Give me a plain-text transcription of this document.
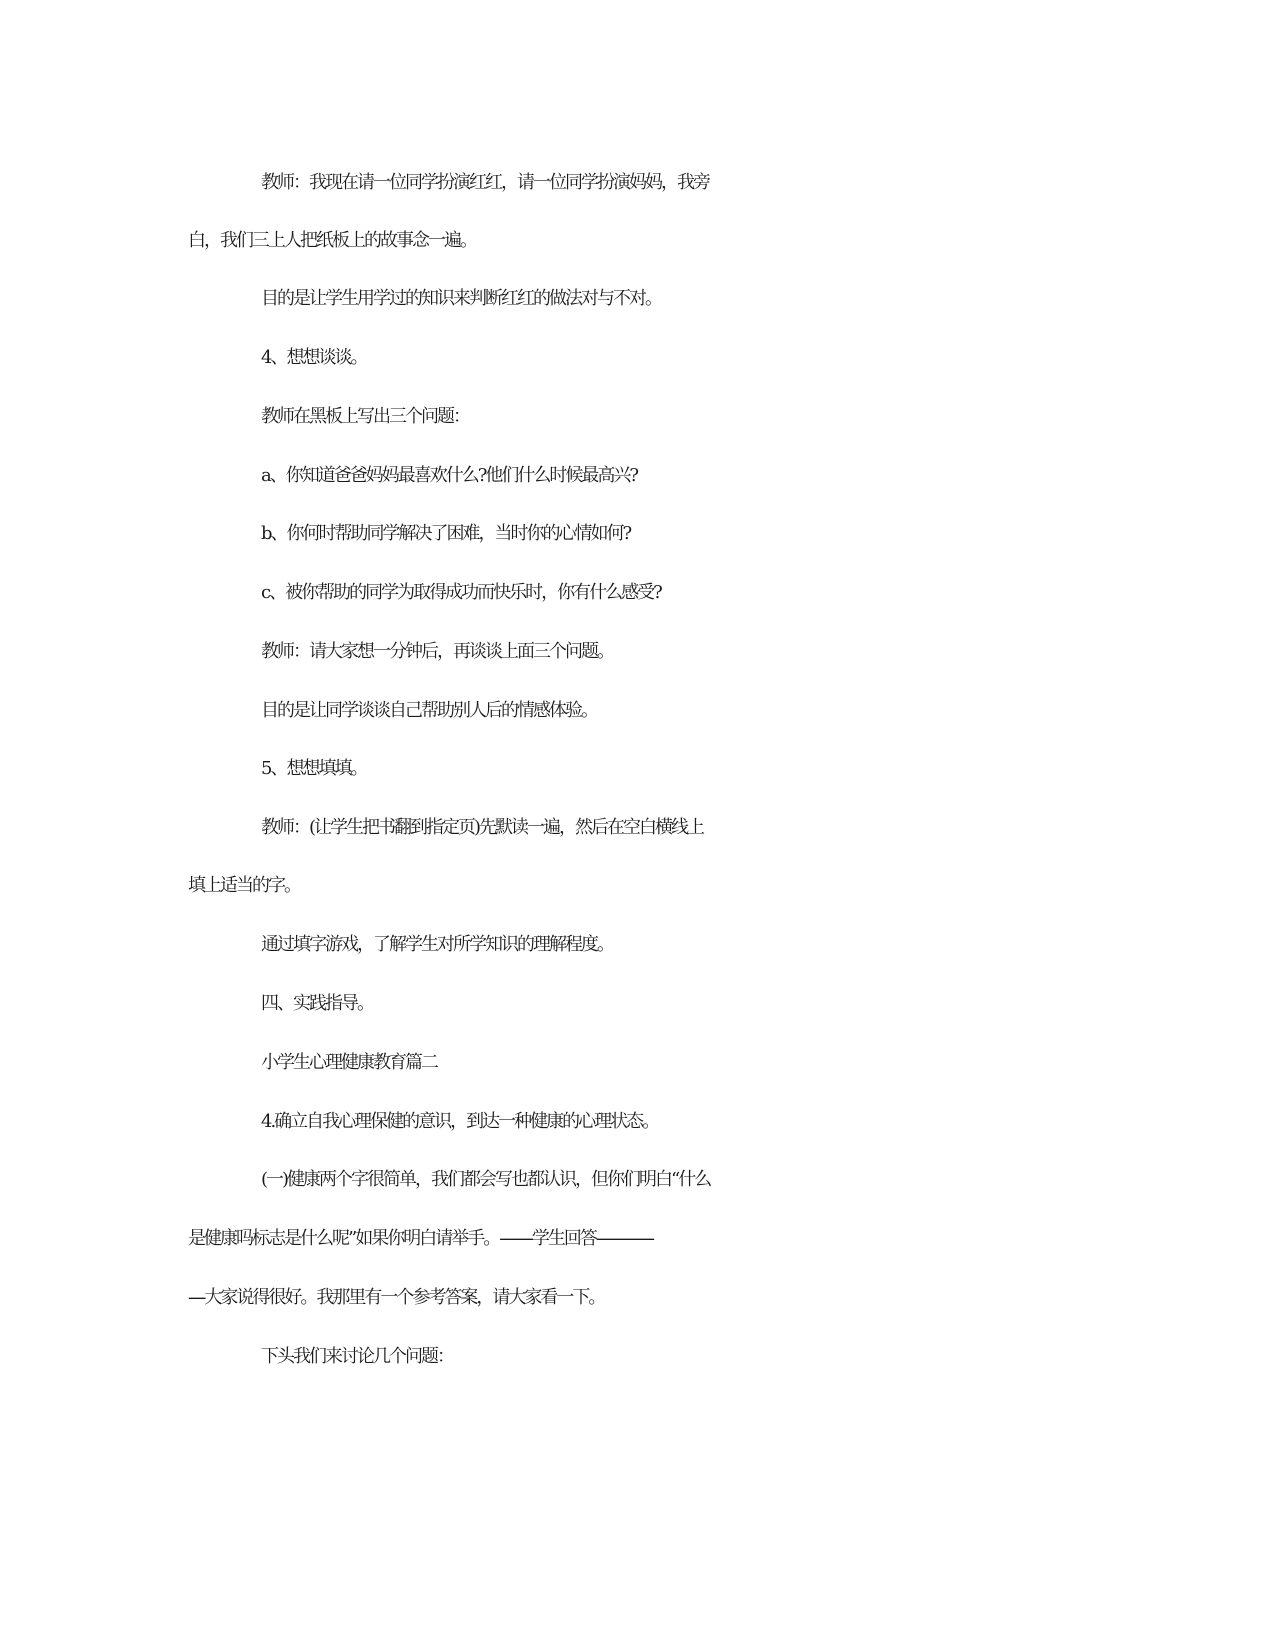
教师：我现在请一位同学扮演红红，请一位同学扮演妈妈，我旁
白，我们三上人把纸板上的故事念一遍。
目的是让学生用学过的知识来判断红红的做法对与不对。
4、想想谈谈。
教师在黑板上写出三个问题：
a、你知道爸爸妈妈最喜欢什么?他们什么时候最高兴?
b、你何时帮助同学解决了困难，当时你的心情如何?
c、被你帮助的同学为取得成功而快乐时，你有什么感受?
教师：请大家想一分钟后，再谈谈上面三个问题。
目的是让同学谈谈自己帮助别人后的情感体验。
5、想想填填。
教师：(让学生把书翻到指定页)先默读一遍，然后在空白横线上
填上适当的字。
通过填字游戏，了解学生对所学知识的理解程度。
四、实践指导。
小学生心理健康教育篇二
4.确立自我心理保健的意识，到达一种健康的心理状态。
(一)健康两个字很简单，我们都会写也都认识，但你们明白“什么
是健康吗标志是什么呢”如果你明白请举手。--------学生回答--------------
----大家说得很好。我那里有一个参考答案，请大家看一下。
下头我们来讨论几个问题：
